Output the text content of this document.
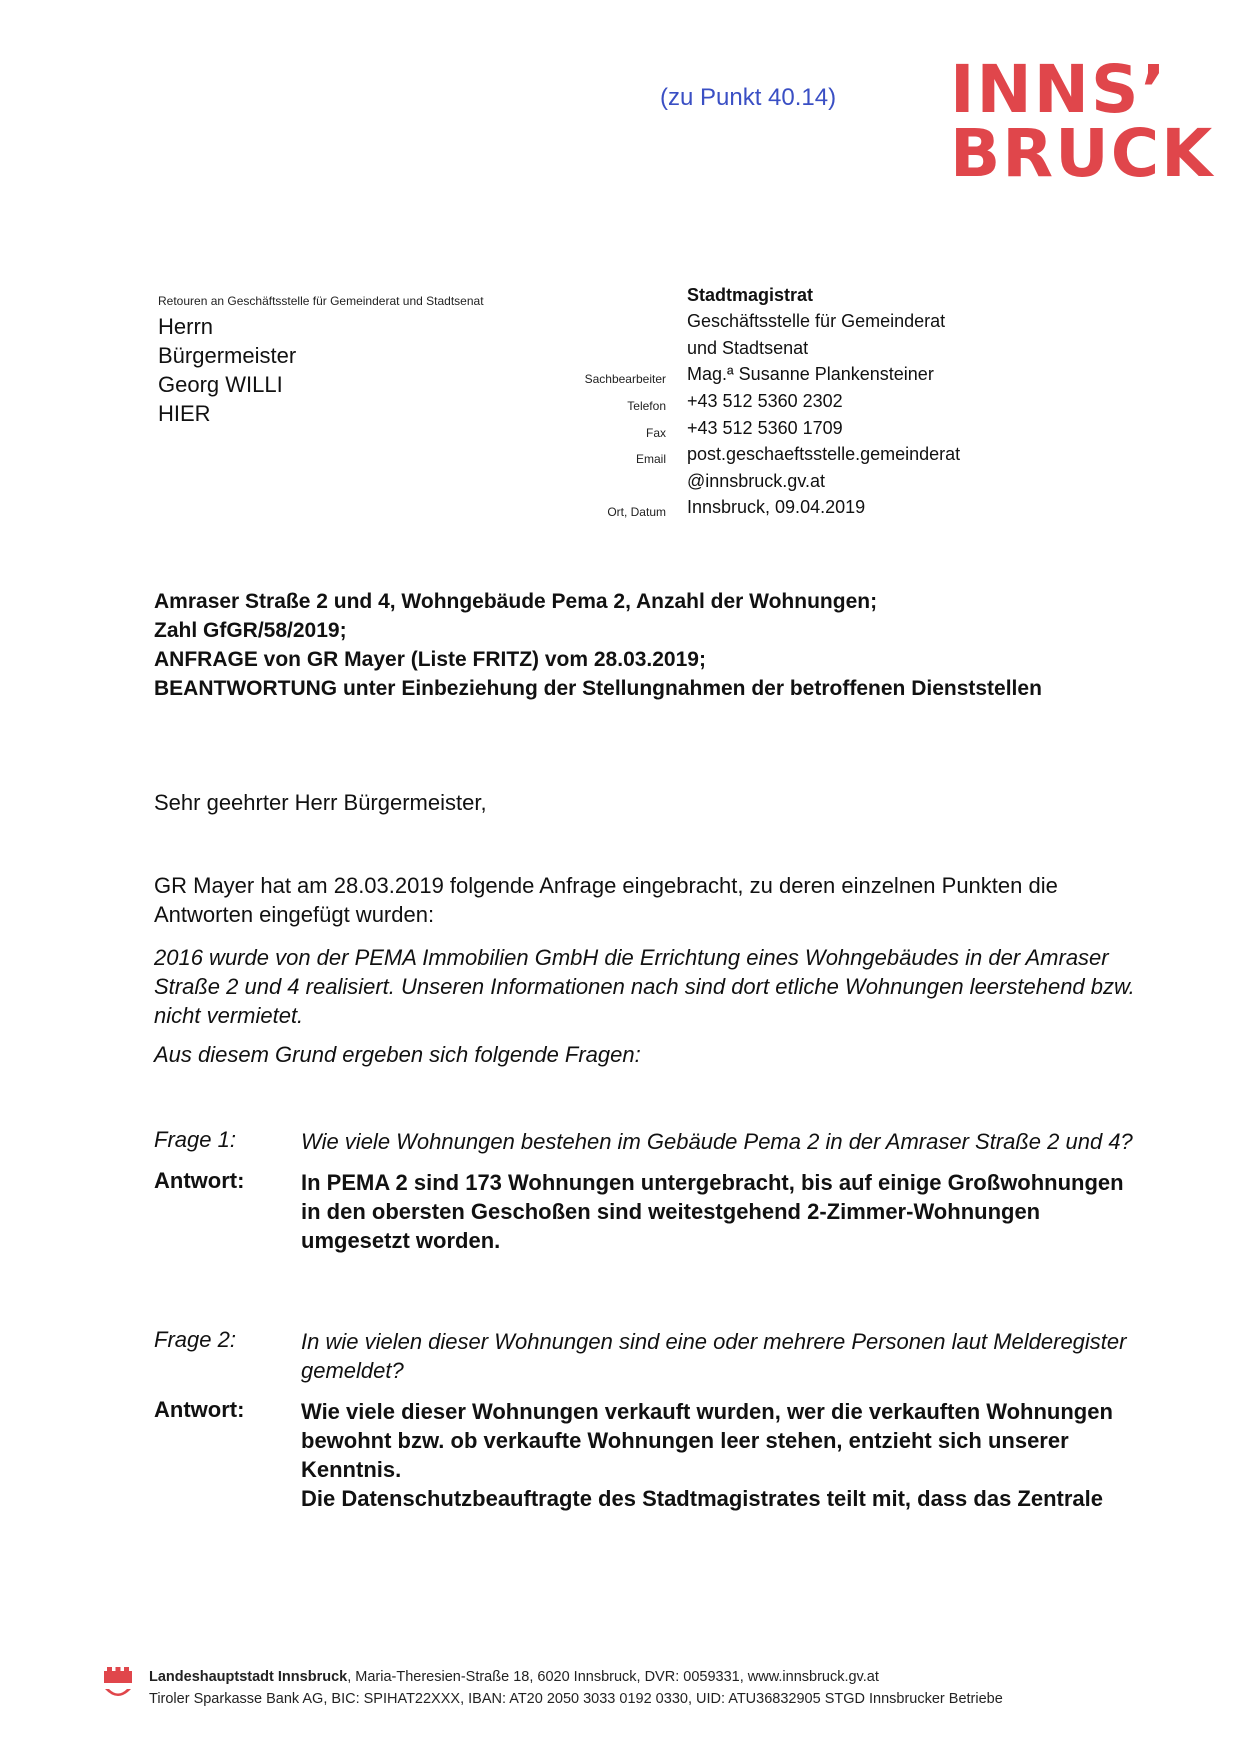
(zu Punkt 40.14) INNS’
BRUCK
Retouren an Geschäftsstelle für Gemeinderat und Stadtsenat
Herrn
Bürgermeister
Georg WILLI
HIER
Stadtmagistrat
Geschäftsstelle für Gemeinderat
und Stadtsenat
Sachbearbeiter Mag.ª Susanne Plankensteiner
Telefon +43 512 5360 2302
Fax +43 512 5360 1709
Email post.geschaeftsstelle.gemeinderat
@innsbruck.gv.at
Ort, Datum Innsbruck, 09.04.2019
Amraser Straße 2 und 4, Wohngebäude Pema 2, Anzahl der Wohnungen;
Zahl GfGR/58/2019;
ANFRAGE von GR Mayer (Liste FRITZ) vom 28.03.2019;
BEANTWORTUNG unter Einbeziehung der Stellungnahmen der betroffenen Dienststellen
Sehr geehrter Herr Bürgermeister,
GR Mayer hat am 28.03.2019 folgende Anfrage eingebracht, zu deren einzelnen Punkten die Antworten eingefügt wurden:
2016 wurde von der PEMA Immobilien GmbH die Errichtung eines Wohngebäudes in der Amraser Straße 2 und 4 realisiert. Unseren Informationen nach sind dort etliche Wohnungen leerstehend bzw. nicht vermietet.
Aus diesem Grund ergeben sich folgende Fragen:
Frage 1:	Wie viele Wohnungen bestehen im Gebäude Pema 2 in der Amraser Straße 2 und 4?
Antwort:	In PEMA 2 sind 173 Wohnungen untergebracht, bis auf einige Großwohnungen in den obersten Geschoßen sind weitestgehend 2-Zimmer-Wohnungen umgesetzt worden.
Frage 2:	In wie vielen dieser Wohnungen sind eine oder mehrere Personen laut Melderegister gemeldet?
Antwort:	Wie viele dieser Wohnungen verkauft wurden, wer die verkauften Wohnungen bewohnt bzw. ob verkaufte Wohnungen leer stehen, entzieht sich unserer Kenntnis.
Die Datenschutzbeauftragte des Stadtmagistrates teilt mit, dass das Zentrale
Landeshauptstadt Innsbruck, Maria-Theresien-Straße 18, 6020 Innsbruck, DVR: 0059331, www.innsbruck.gv.at
Tiroler Sparkasse Bank AG, BIC: SPIHAT22XXX, IBAN: AT20 2050 3033 0192 0330, UID: ATU36832905 STGD Innsbrucker Betriebe
